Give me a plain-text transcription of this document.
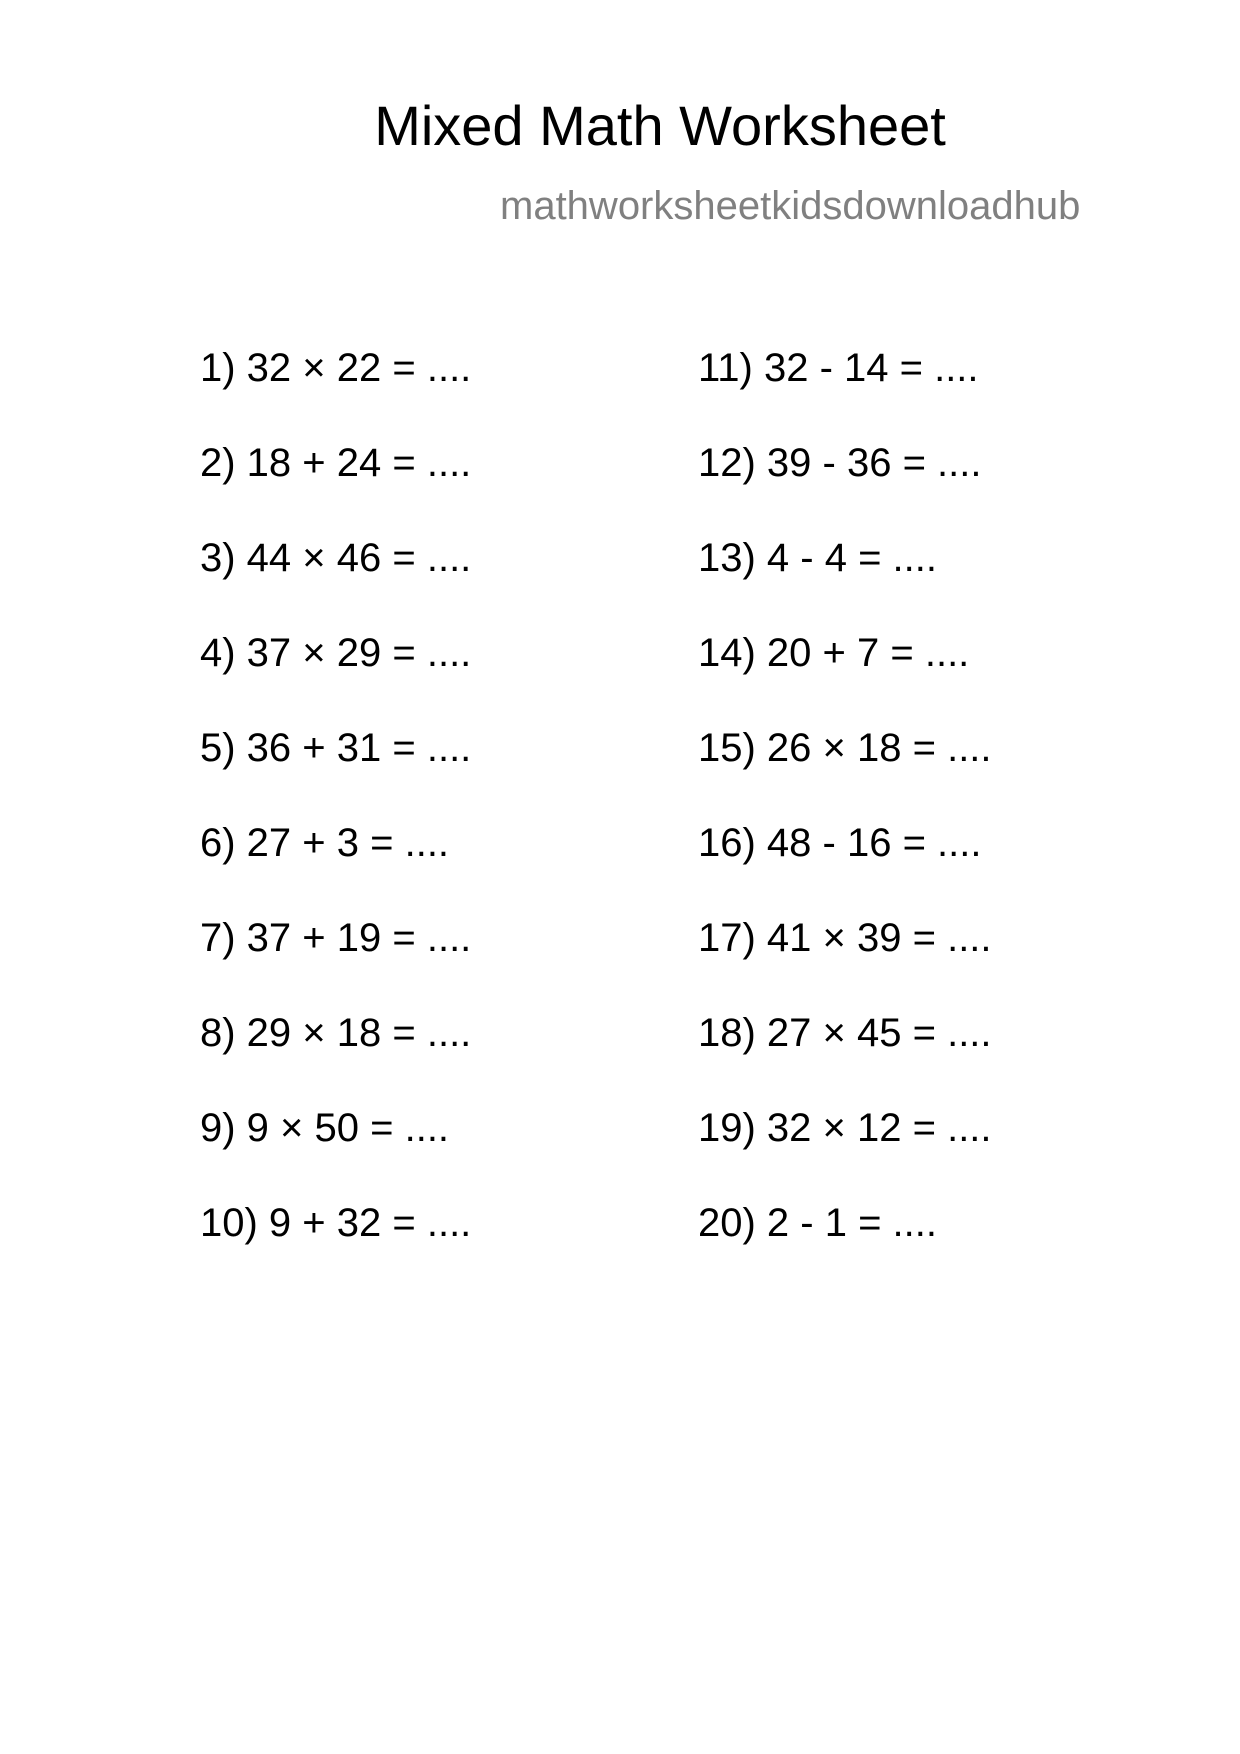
Mixed Math Worksheet
mathworksheetkidsdownloadhub
1) 32 × 22 = ....
2) 18 + 24 = ....
3) 44 × 46 = ....
4) 37 × 29 = ....
5) 36 + 31 = ....
6) 27 + 3 = ....
7) 37 + 19 = ....
8) 29 × 18 = ....
9) 9 × 50 = ....
10) 9 + 32 = ....
11) 32 - 14 = ....
12) 39 - 36 = ....
13) 4 - 4 = ....
14) 20 + 7 = ....
15) 26 × 18 = ....
16) 48 - 16 = ....
17) 41 × 39 = ....
18) 27 × 45 = ....
19) 32 × 12 = ....
20) 2 - 1 = ....
